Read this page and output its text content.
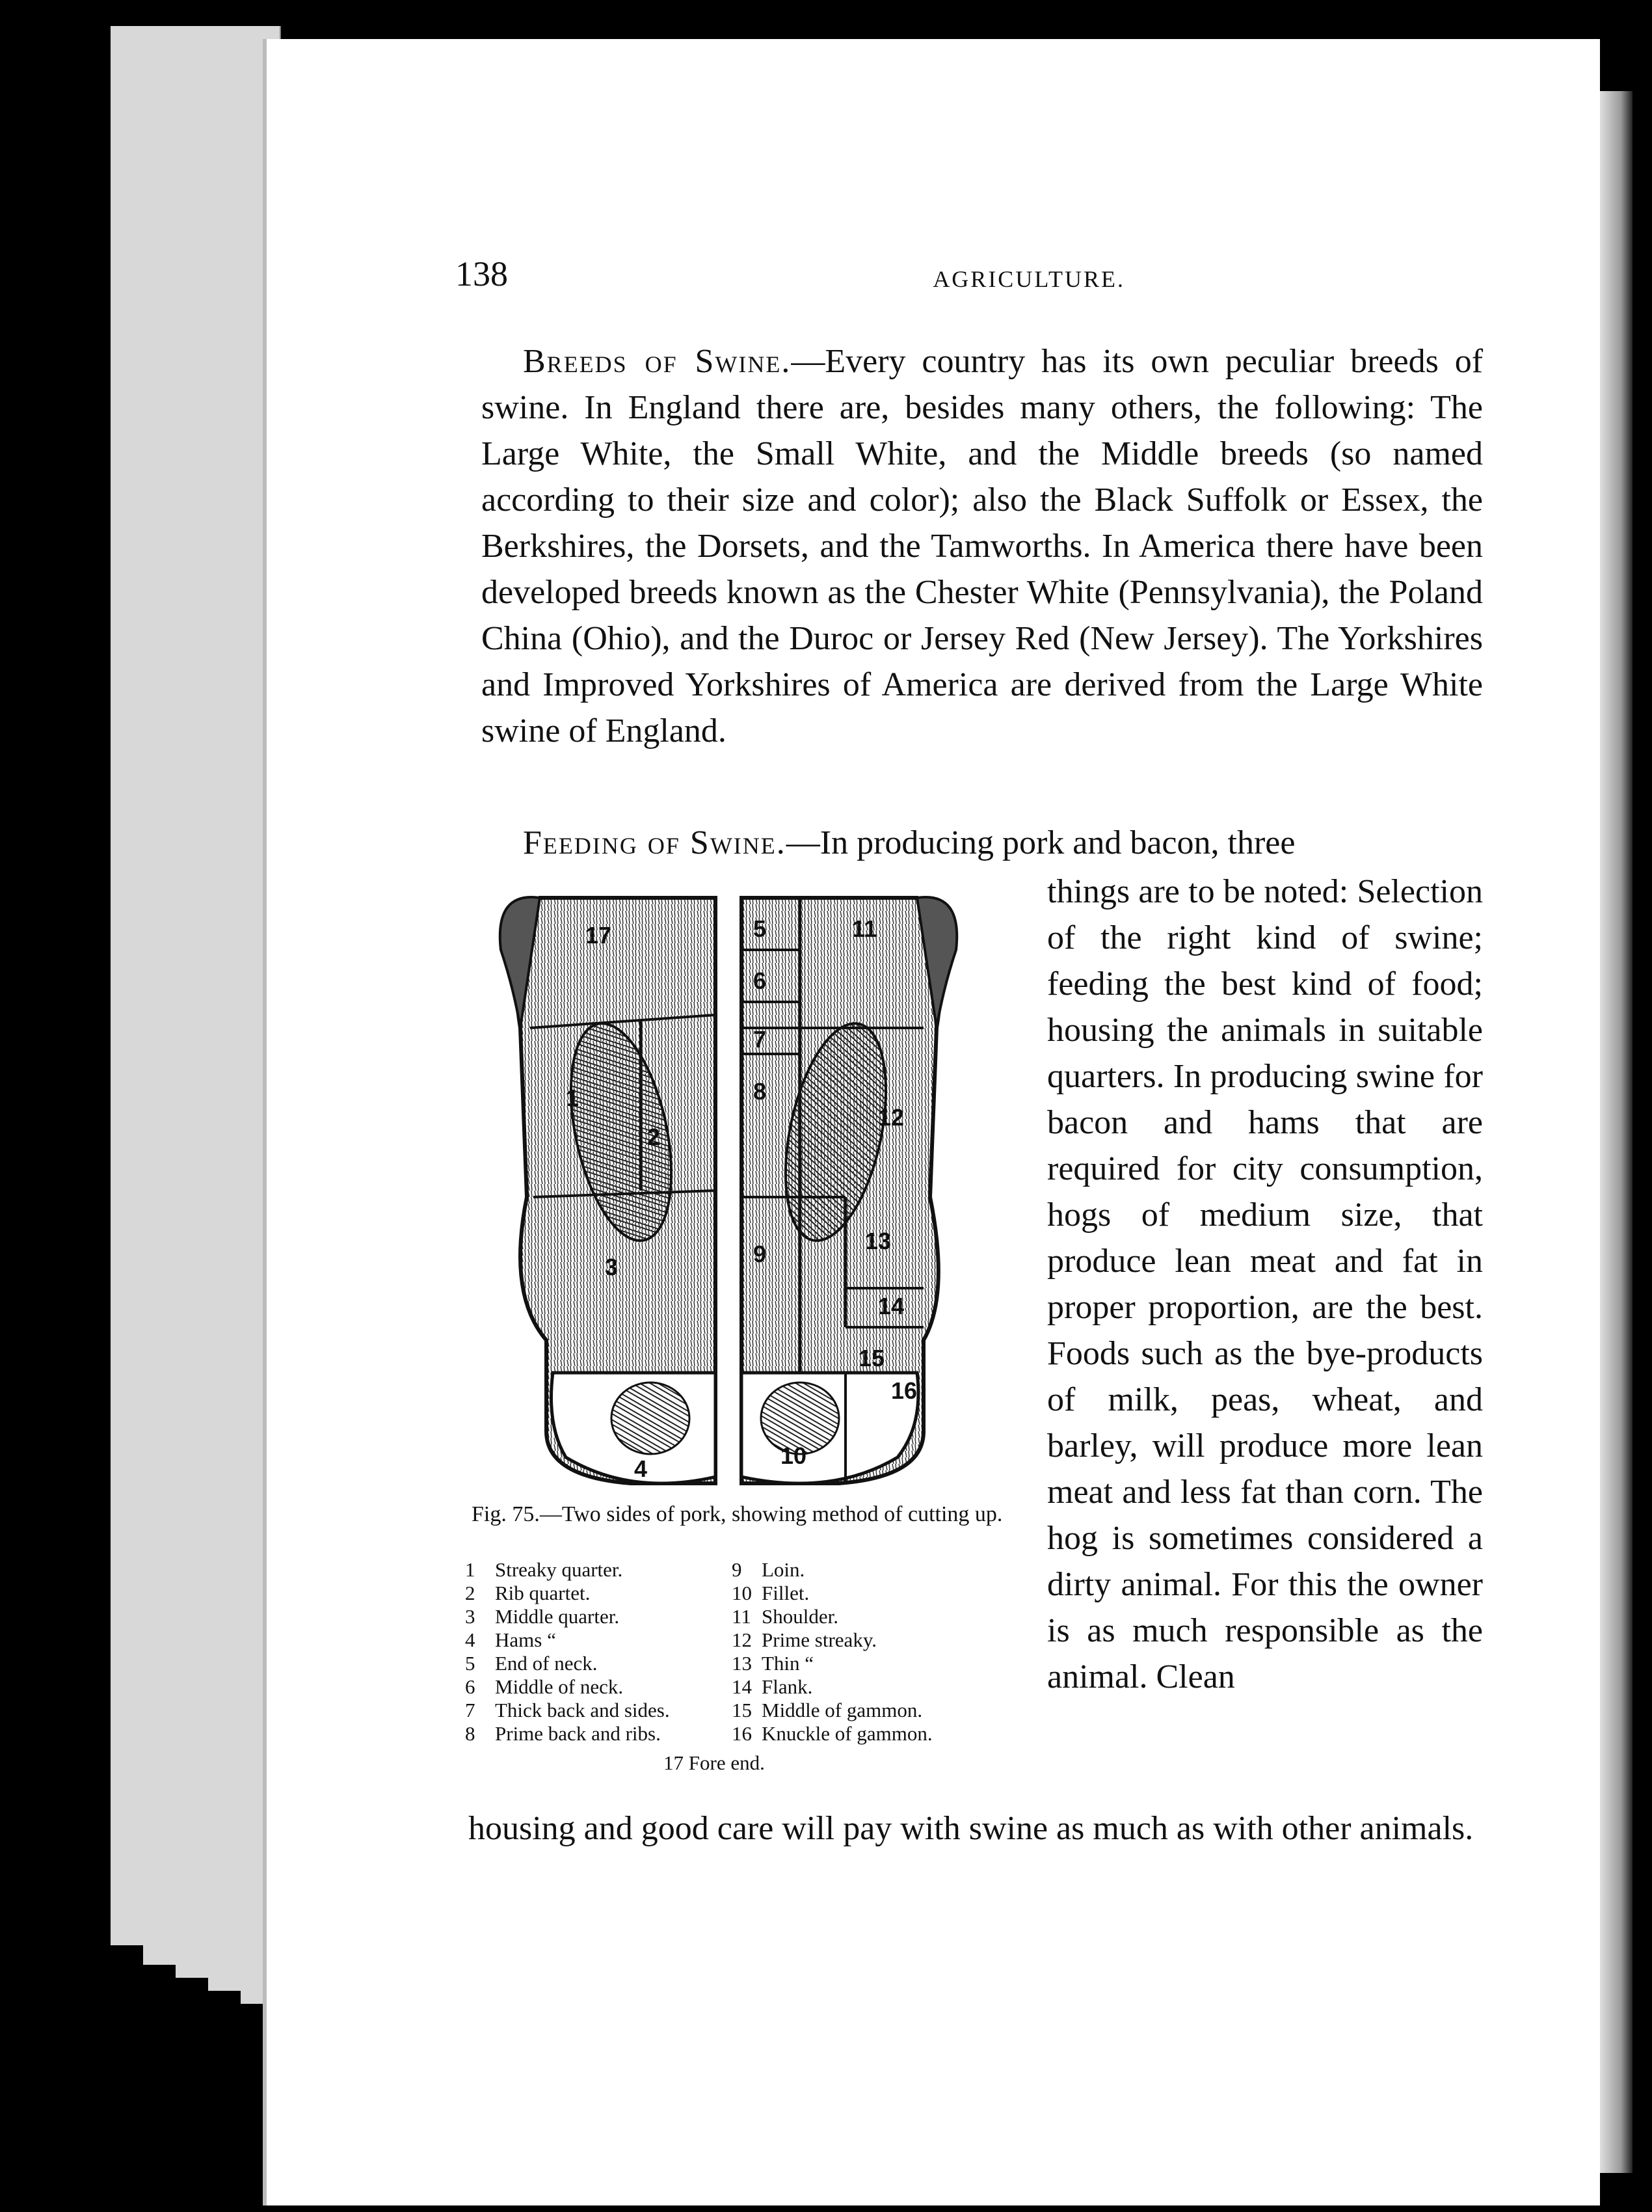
138	AGRICULTURE.

Breeds of Swine.—Every country has its own peculiar breeds of swine. In England there are, besides many others, the following: The Large White, the Small White, and the Middle breeds (so named according to their size and color); also the Black Suffolk or Essex, the Berkshires, the Dorsets, and the Tamworths. In America there have been developed breeds known as the Chester White (Pennsylvania), the Poland China (Ohio), and the Duroc or Jersey Red (New Jersey). The Yorkshires and Improved Yorkshires of America are derived from the Large White swine of England.

Feeding of Swine.—In producing pork and bacon, three

things are to be noted: Selection of the right kind of swine; feeding the best kind of food; housing the animals in suitable quarters. In producing swine for bacon and hams that are required for city consumption, hogs of medium size, that produce lean meat and fat in proper proportion, are the best. Foods such as the bye-products of milk, peas, wheat, and barley, will produce more lean meat and less fat than corn. The hog is sometimes considered a dirty animal. For this the owner is as much responsible as the animal. Clean

housing and good care will pay with swine as much as with other animals.

17	5	11
6
7
1	8
2
12
13
9
3
14
15
16
10
4

Fig. 75.—Two sides of pork, showing method of cutting up.

1 Streaky quarter.
2 Rib quartet.
3 Middle quarter.
4 Hams “
5 End of neck.
6 Middle of neck.
7 Thick back and sides.
8 Prime back and ribs.
9 Loin.
10 Fillet.
11 Shoulder.
12 Prime streaky.
13 Thin “
14 Flank.
15 Middle of gammon.
16 Knuckle of gammon.
17 Fore end.
